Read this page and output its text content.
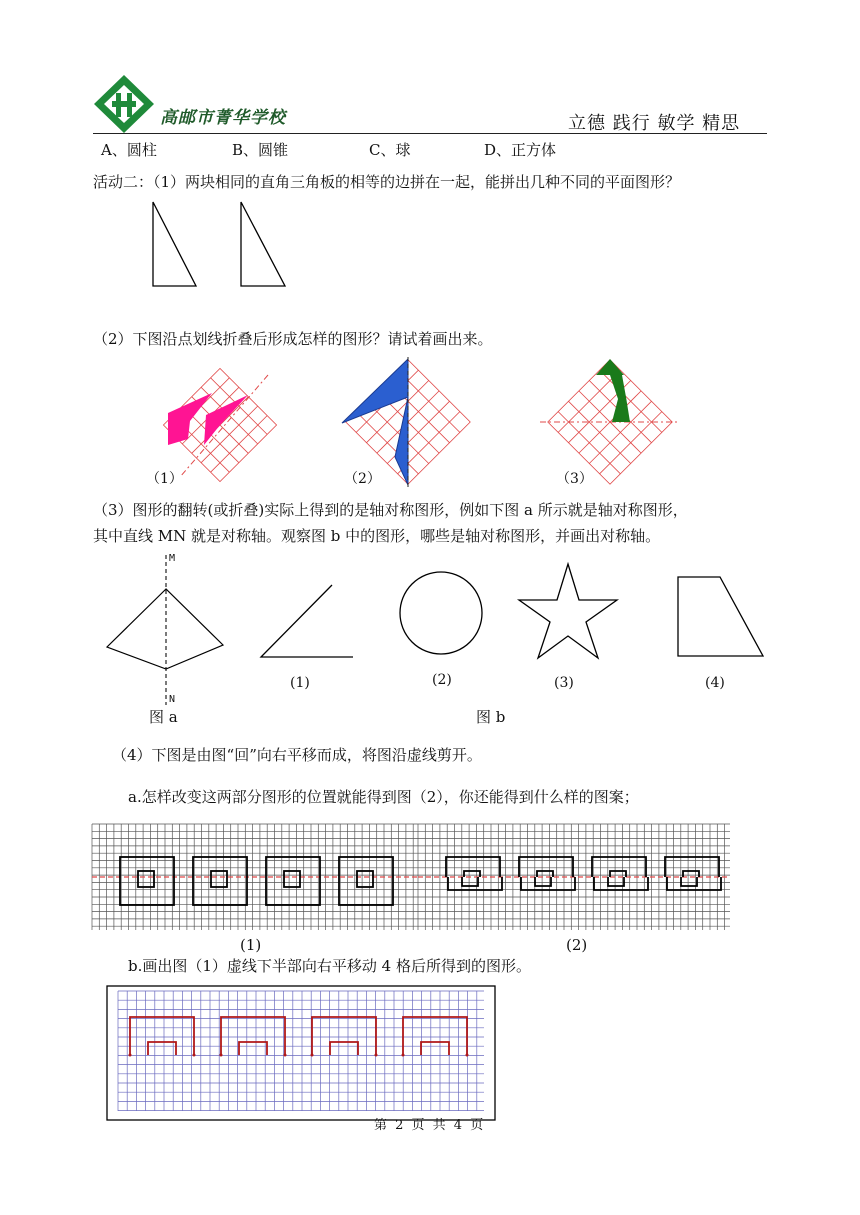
高邮市菁华学校	立德 践行 敏学 精思
A、圆柱	B、圆锥	C、球	D、正方体
活动二：（1）两块相同的直角三角板的相等的边拼在一起，能拼出几种不同的平面图形？
（2）下图沿点划线折叠后形成怎样的图形？请试着画出来。
（1）	（2）	（3）
（3）图形的翻转(或折叠)实际上得到的是轴对称图形，例如下图 a 所示就是轴对称图形，
其中直线 MN 就是对称轴。观察图 b 中的图形，哪些是轴对称图形，并画出对称轴。
M
N
(1)	(2)	(3)	(4)
图 a	图 b
（4）下图是由图“回”向右平移而成，将图沿虚线剪开。
a.怎样改变这两部分图形的位置就能得到图（2），你还能得到什么样的图案；
(1)	(2)
b.画出图（1）虚线下半部向右平移动 4 格后所得到的图形。
第 2 页 共 4 页
